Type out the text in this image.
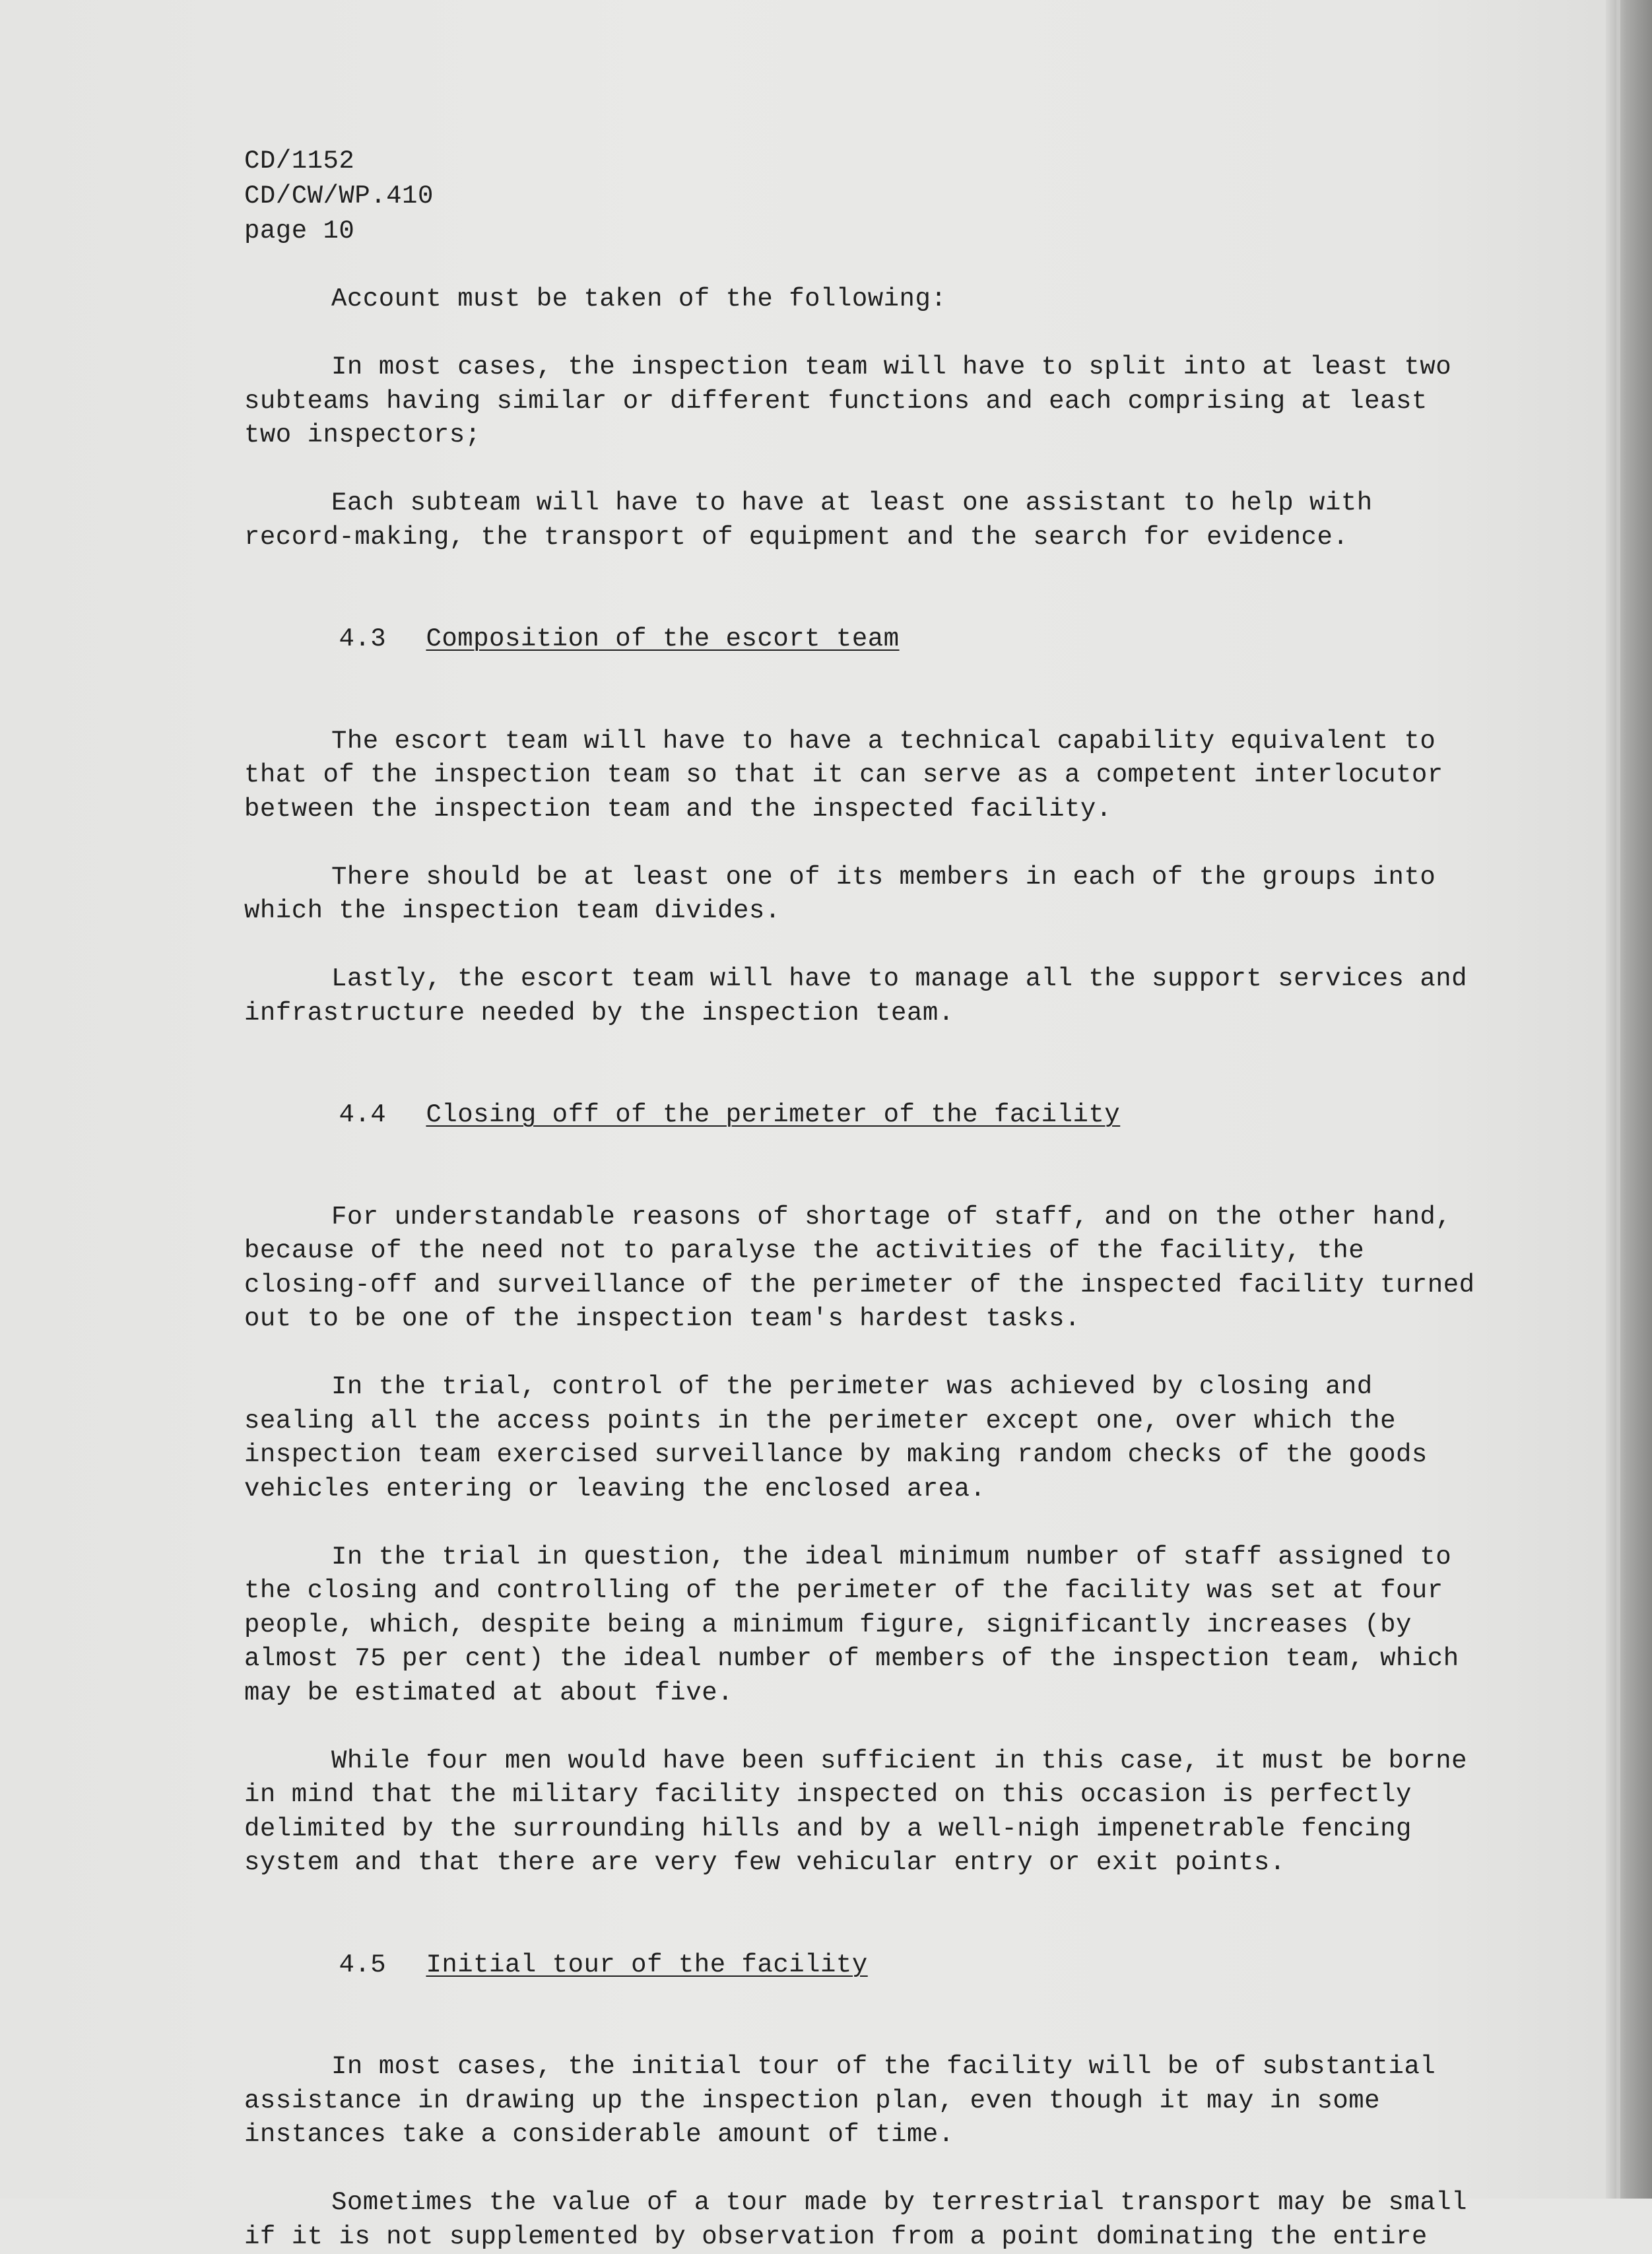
CD/1152
CD/CW/WP.410
page 10
Account must be taken of the following:
In most cases, the inspection team will have to split into at least two
subteams having similar or different functions and each comprising at least
two inspectors;
Each subteam will have to have at least one assistant to help with
record-making, the transport of equipment and the search for evidence.

4.3 Composition of the escort team

The escort team will have to have a technical capability equivalent to
that of the inspection team so that it can serve as a competent interlocutor
between the inspection team and the inspected facility.
There should be at least one of its members in each of the groups into
which the inspection team divides.
Lastly, the escort team will have to manage all the support services and
infrastructure needed by the inspection team.

4.4 Closing off of the perimeter of the facility

For understandable reasons of shortage of staff, and on the other hand,
because of the need not to paralyse the activities of the facility, the
closing-off and surveillance of the perimeter of the inspected facility turned
out to be one of the inspection team's hardest tasks.
In the trial, control of the perimeter was achieved by closing and
sealing all the access points in the perimeter except one, over which the
inspection team exercised surveillance by making random checks of the goods
vehicles entering or leaving the enclosed area.
In the trial in question, the ideal minimum number of staff assigned to
the closing and controlling of the perimeter of the facility was set at four
people, which, despite being a minimum figure, significantly increases (by
almost 75 per cent) the ideal number of members of the inspection team, which
may be estimated at about five.
While four men would have been sufficient in this case, it must be borne
in mind that the military facility inspected on this occasion is perfectly
delimited by the surrounding hills and by a well-nigh impenetrable fencing
system and that there are very few vehicular entry or exit points.

4.5 Initial tour of the facility

In most cases, the initial tour of the facility will be of substantial
assistance in drawing up the inspection plan, even though it may in some
instances take a considerable amount of time.
Sometimes the value of a tour made by terrestrial transport may be small
if it is not supplemented by observation from a point dominating the entire
